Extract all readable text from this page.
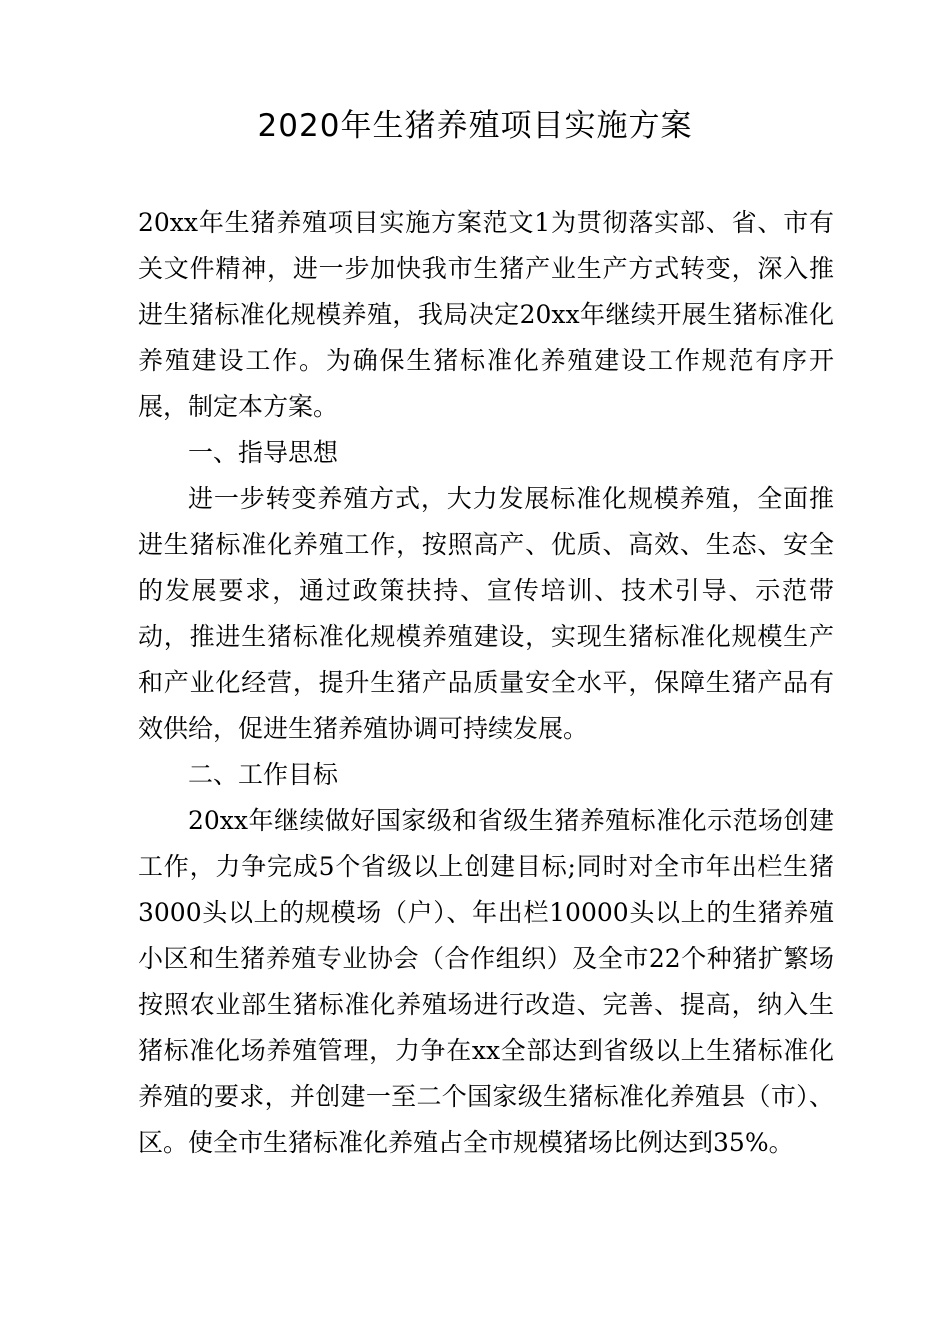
2020年生猪养殖项目实施方案

20xx年生猪养殖项目实施方案范文1为贯彻落实部、省、市有关文件精神，进一步加快我市生猪产业生产方式转变，深入推进生猪标准化规模养殖，我局决定20xx年继续开展生猪标准化养殖建设工作。为确保生猪标准化养殖建设工作规范有序开展，制定本方案。

一、指导思想

进一步转变养殖方式，大力发展标准化规模养殖，全面推进生猪标准化养殖工作，按照高产、优质、高效、生态、安全的发展要求，通过政策扶持、宣传培训、技术引导、示范带动，推进生猪标准化规模养殖建设，实现生猪标准化规模生产和产业化经营，提升生猪产品质量安全水平，保障生猪产品有效供给，促进生猪养殖协调可持续发展。

二、工作目标

20xx年继续做好国家级和省级生猪养殖标准化示范场创建工作，力争完成5个省级以上创建目标;同时对全市年出栏生猪3000头以上的规模场（户）、年出栏10000头以上的生猪养殖小区和生猪养殖专业协会（合作组织）及全市22个种猪扩繁场按照农业部生猪标准化养殖场进行改造、完善、提高，纳入生猪标准化场养殖管理，力争在xx全部达到省级以上生猪标准化养殖的要求，并创建一至二个国家级生猪标准化养殖县（市）、区。使全市生猪标准化养殖占全市规模猪场比例达到35%。
